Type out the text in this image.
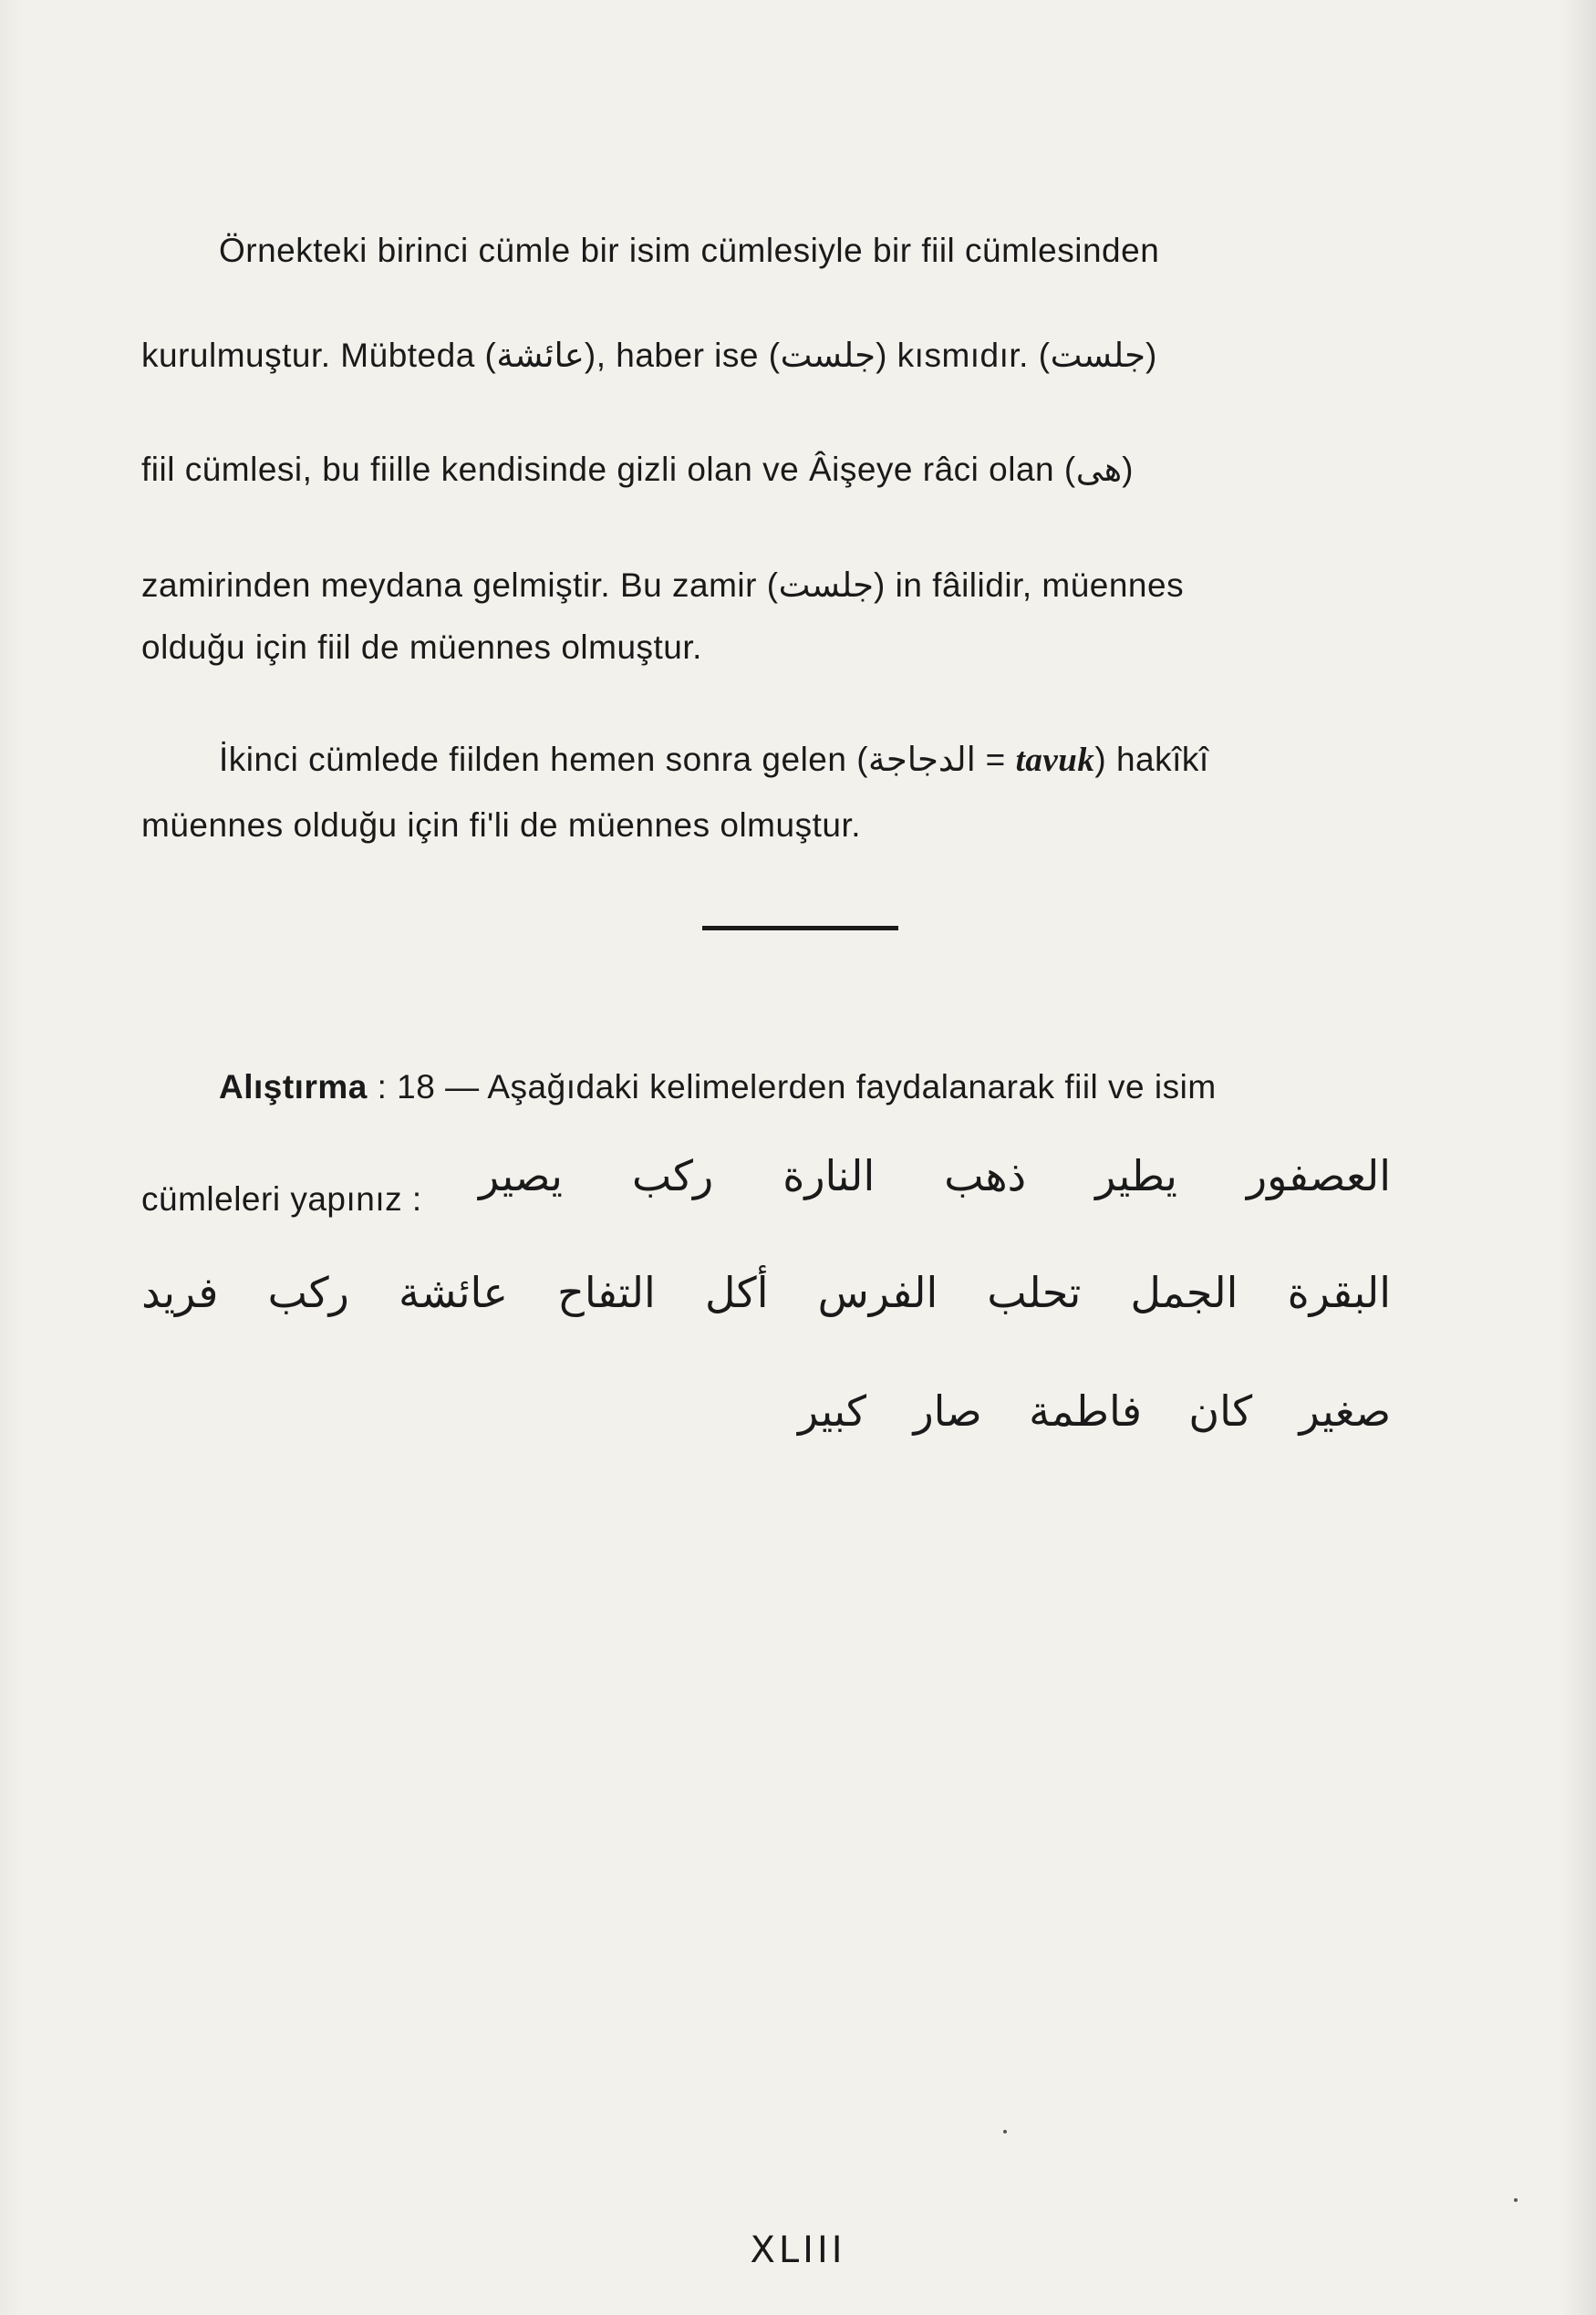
Örnekteki birinci cümle bir isim cümlesiyle bir fiil cümlesinden
kurulmuştur. Mübteda (عائشة), haber ise (جلست) kısmıdır. (جلست)
fiil cümlesi, bu fiille kendisinde gizli olan ve Âişeye râci olan (هى)
zamirinden meydana gelmiştir. Bu zamir (جلست) in fâilidir, müennes
olduğu için fiil de müennes olmuştur.
İkinci cümlede fiilden hemen sonra gelen (الدجاجة = tavuk) hakîkî
müennes olduğu için fi'li de müennes olmuştur.
Alıştırma : 18 — Aşağıdaki kelimelerden faydalanarak fiil ve isim
cümleleri yapınız :	العصفور
يطير
ذهب
النارة
ركب
يصير
البقرة
الجمل
تحلب
الفرس
أكل
التفاح
عائشة
ركب
فريد
صغير
كان
فاطمة
صار
كبير
XLIII
